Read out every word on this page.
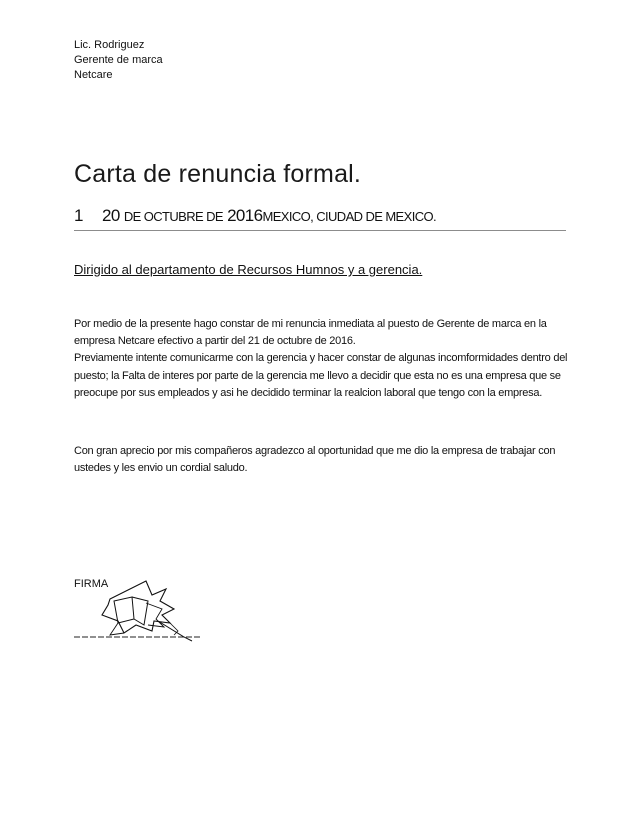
Lic. Rodriguez
Gerente de marca
Netcare
Carta de renuncia formal.
1 20 DE OCTUBRE DE 2016MEXICO, CIUDAD DE MEXICO.
Dirigido al departamento de Recursos Humnos y a gerencia.
Por medio de la presente hago constar de mi renuncia inmediata al puesto de Gerente de marca en la empresa Netcare efectivo a partir del 21 de octubre de 2016.
Previamente intente comunicarme con la gerencia y hacer constar de algunas incomformidades dentro del puesto; la Falta de interes por parte de la gerencia me llevo a decidir que esta no es una empresa que se preocupe por sus empleados y asi he decidido terminar la realcion laboral que tengo con la empresa.
Con gran aprecio por mis compañeros agradezco al oportunidad que me dio la empresa de trabajar con ustedes y les envio un cordial saludo.
FIRMA
